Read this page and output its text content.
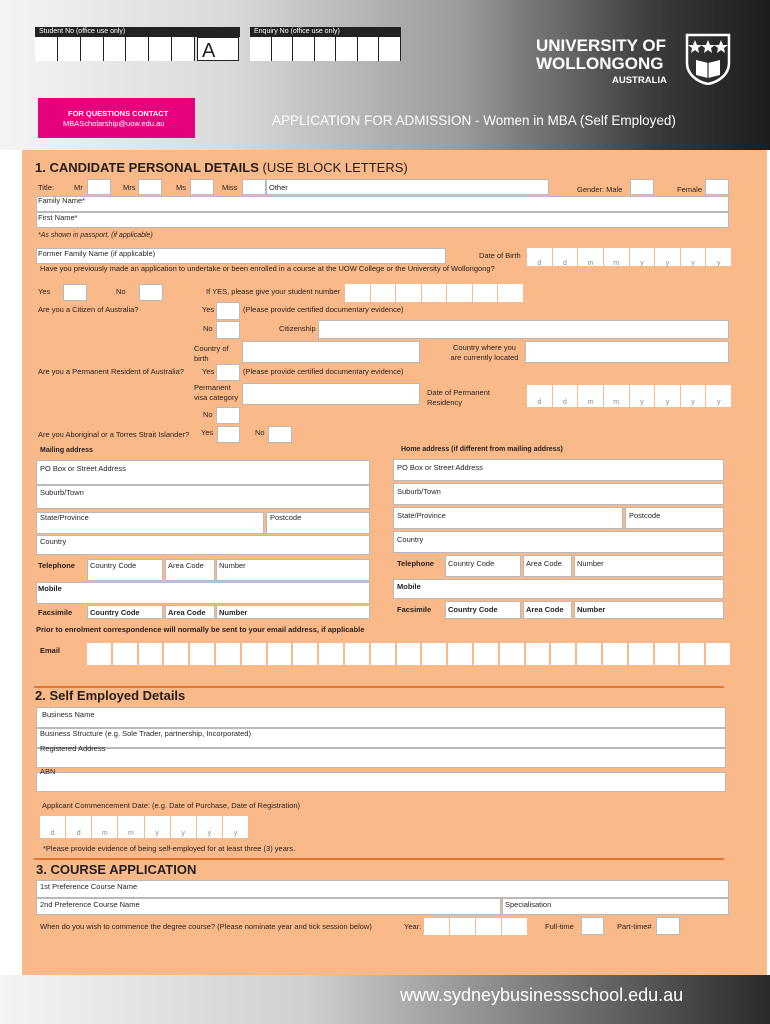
Student No (office use only)
A
Enquiry No (office use only)
UNIVERSITY OF
WOLLONGONG
AUSTRALIA
FOR QUESTIONS CONTACT
MBAScholarship@uow.edu.au	APPLICATION FOR ADMISSION - Women in MBA (Self Employed)
1. CANDIDATE PERSONAL DETAILS (USE BLOCK LETTERS)
Title:	Mr	Mrs	Ms	Miss	Other	Gender: Male	Female
Family Name*
First Name*
*As shown in passport, (if applicable)
Former Family Name (if applicable)	Date of Birth
d	d	m	m	y	y	y	y
Have you previously made an application to undertake or been enrolled in a course at the UOW College or the University of Wollongong?
Yes	No	If YES, please give your student number
Are you a Citizen of Australia?	Yes	(Please provide certified documentary evidence)
No	Citizenship
Country of birth
Country where you are currently located
Are you a Permanent Resident of Australia? Yes	(Please provide certified documentary evidence)
Permanent visa category
Date of Permanent Residency	d	d	m	m	y	y	y	y
No
Are you Aboriginal or a Torres Strait Islander? Yes	No
Mailing address	Home address (if different from mailing address)
PO Box or Street Address
Suburb/Town
State/Province	Postcode
Country
Telephone Country Code	Area Code Number
Mobile
Facsimile Country Code	Area Code Number
PO Box or Street Address
Suburb/Town
State/Province	Postcode
Country
Telephone Country Code	Area Code Number
Mobile
Facsimile Country Code	Area Code Number
Prior to enrolment correspondence will normally be sent to your email address, if applicable
Email
2. Self Employed Details
Business Name
Business Structure (e.g. Sole Trader, partnership, Incorporated)
Registered Address
ABN
Applicant Commencement Date: (e.g. Date of Purchase, Date of Registration)
d	d	m	m	y	y	y	y
*Please provide evidence of being self-employed for at least three (3) years.
3. COURSE APPLICATION
1st Preference Course Name
2nd Preference Course Name	Specialisation
When do you wish to commence the degree course? (Please nominate year and tick session below)	Year:	Full-time	Part-time#
www.sydneybusinessschool.edu.au
